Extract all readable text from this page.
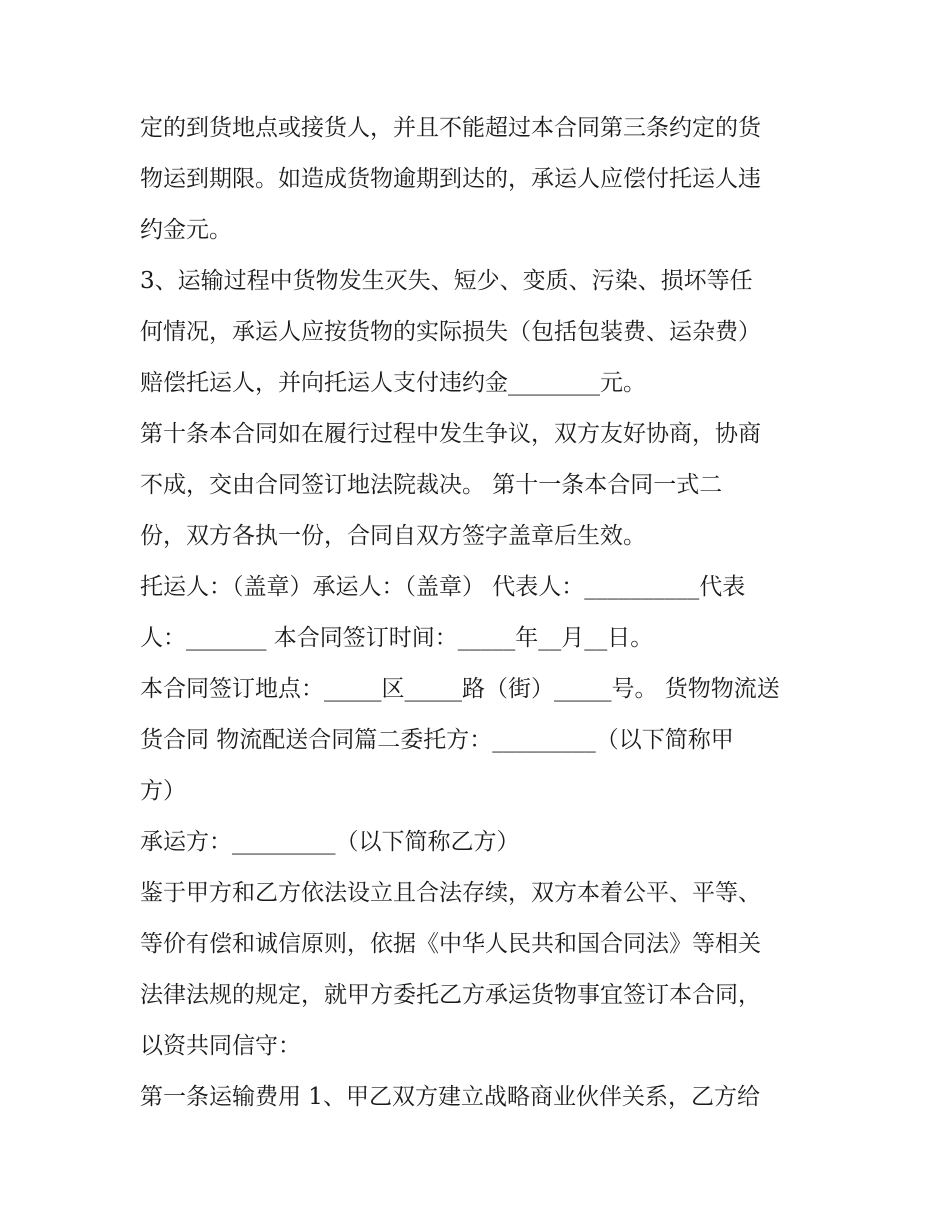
定的到货地点或接货人，并且不能超过本合同第三条约定的货
物运到期限。如造成货物逾期到达的，承运人应偿付托运人违
约金元。
3、运输过程中货物发生灭失、短少、变质、污染、损坏等任
何情况，承运人应按货物的实际损失（包括包装费、运杂费）
赔偿托运人，并向托运人支付违约金________元。
第十条本合同如在履行过程中发生争议，双方友好协商，协商
不成，交由合同签订地法院裁决。 第十一条本合同一式二
份，双方各执一份，合同自双方签字盖章后生效。
托运人：（盖章）承运人：（盖章） 代表人：__________代表
人：_______ 本合同签订时间：_____年__月__日。
本合同签订地点：_____区_____路（街）_____号。 货物物流送
货合同 物流配送合同篇二委托方：_________（以下简称甲
方）
承运方：_________（以下简称乙方）
鉴于甲方和乙方依法设立且合法存续，双方本着公平、平等、
等价有偿和诚信原则，依据《中华人民共和国合同法》等相关
法律法规的规定，就甲方委托乙方承运货物事宜签订本合同，
以资共同信守：
第一条运输费用 1、甲乙双方建立战略商业伙伴关系，乙方给
